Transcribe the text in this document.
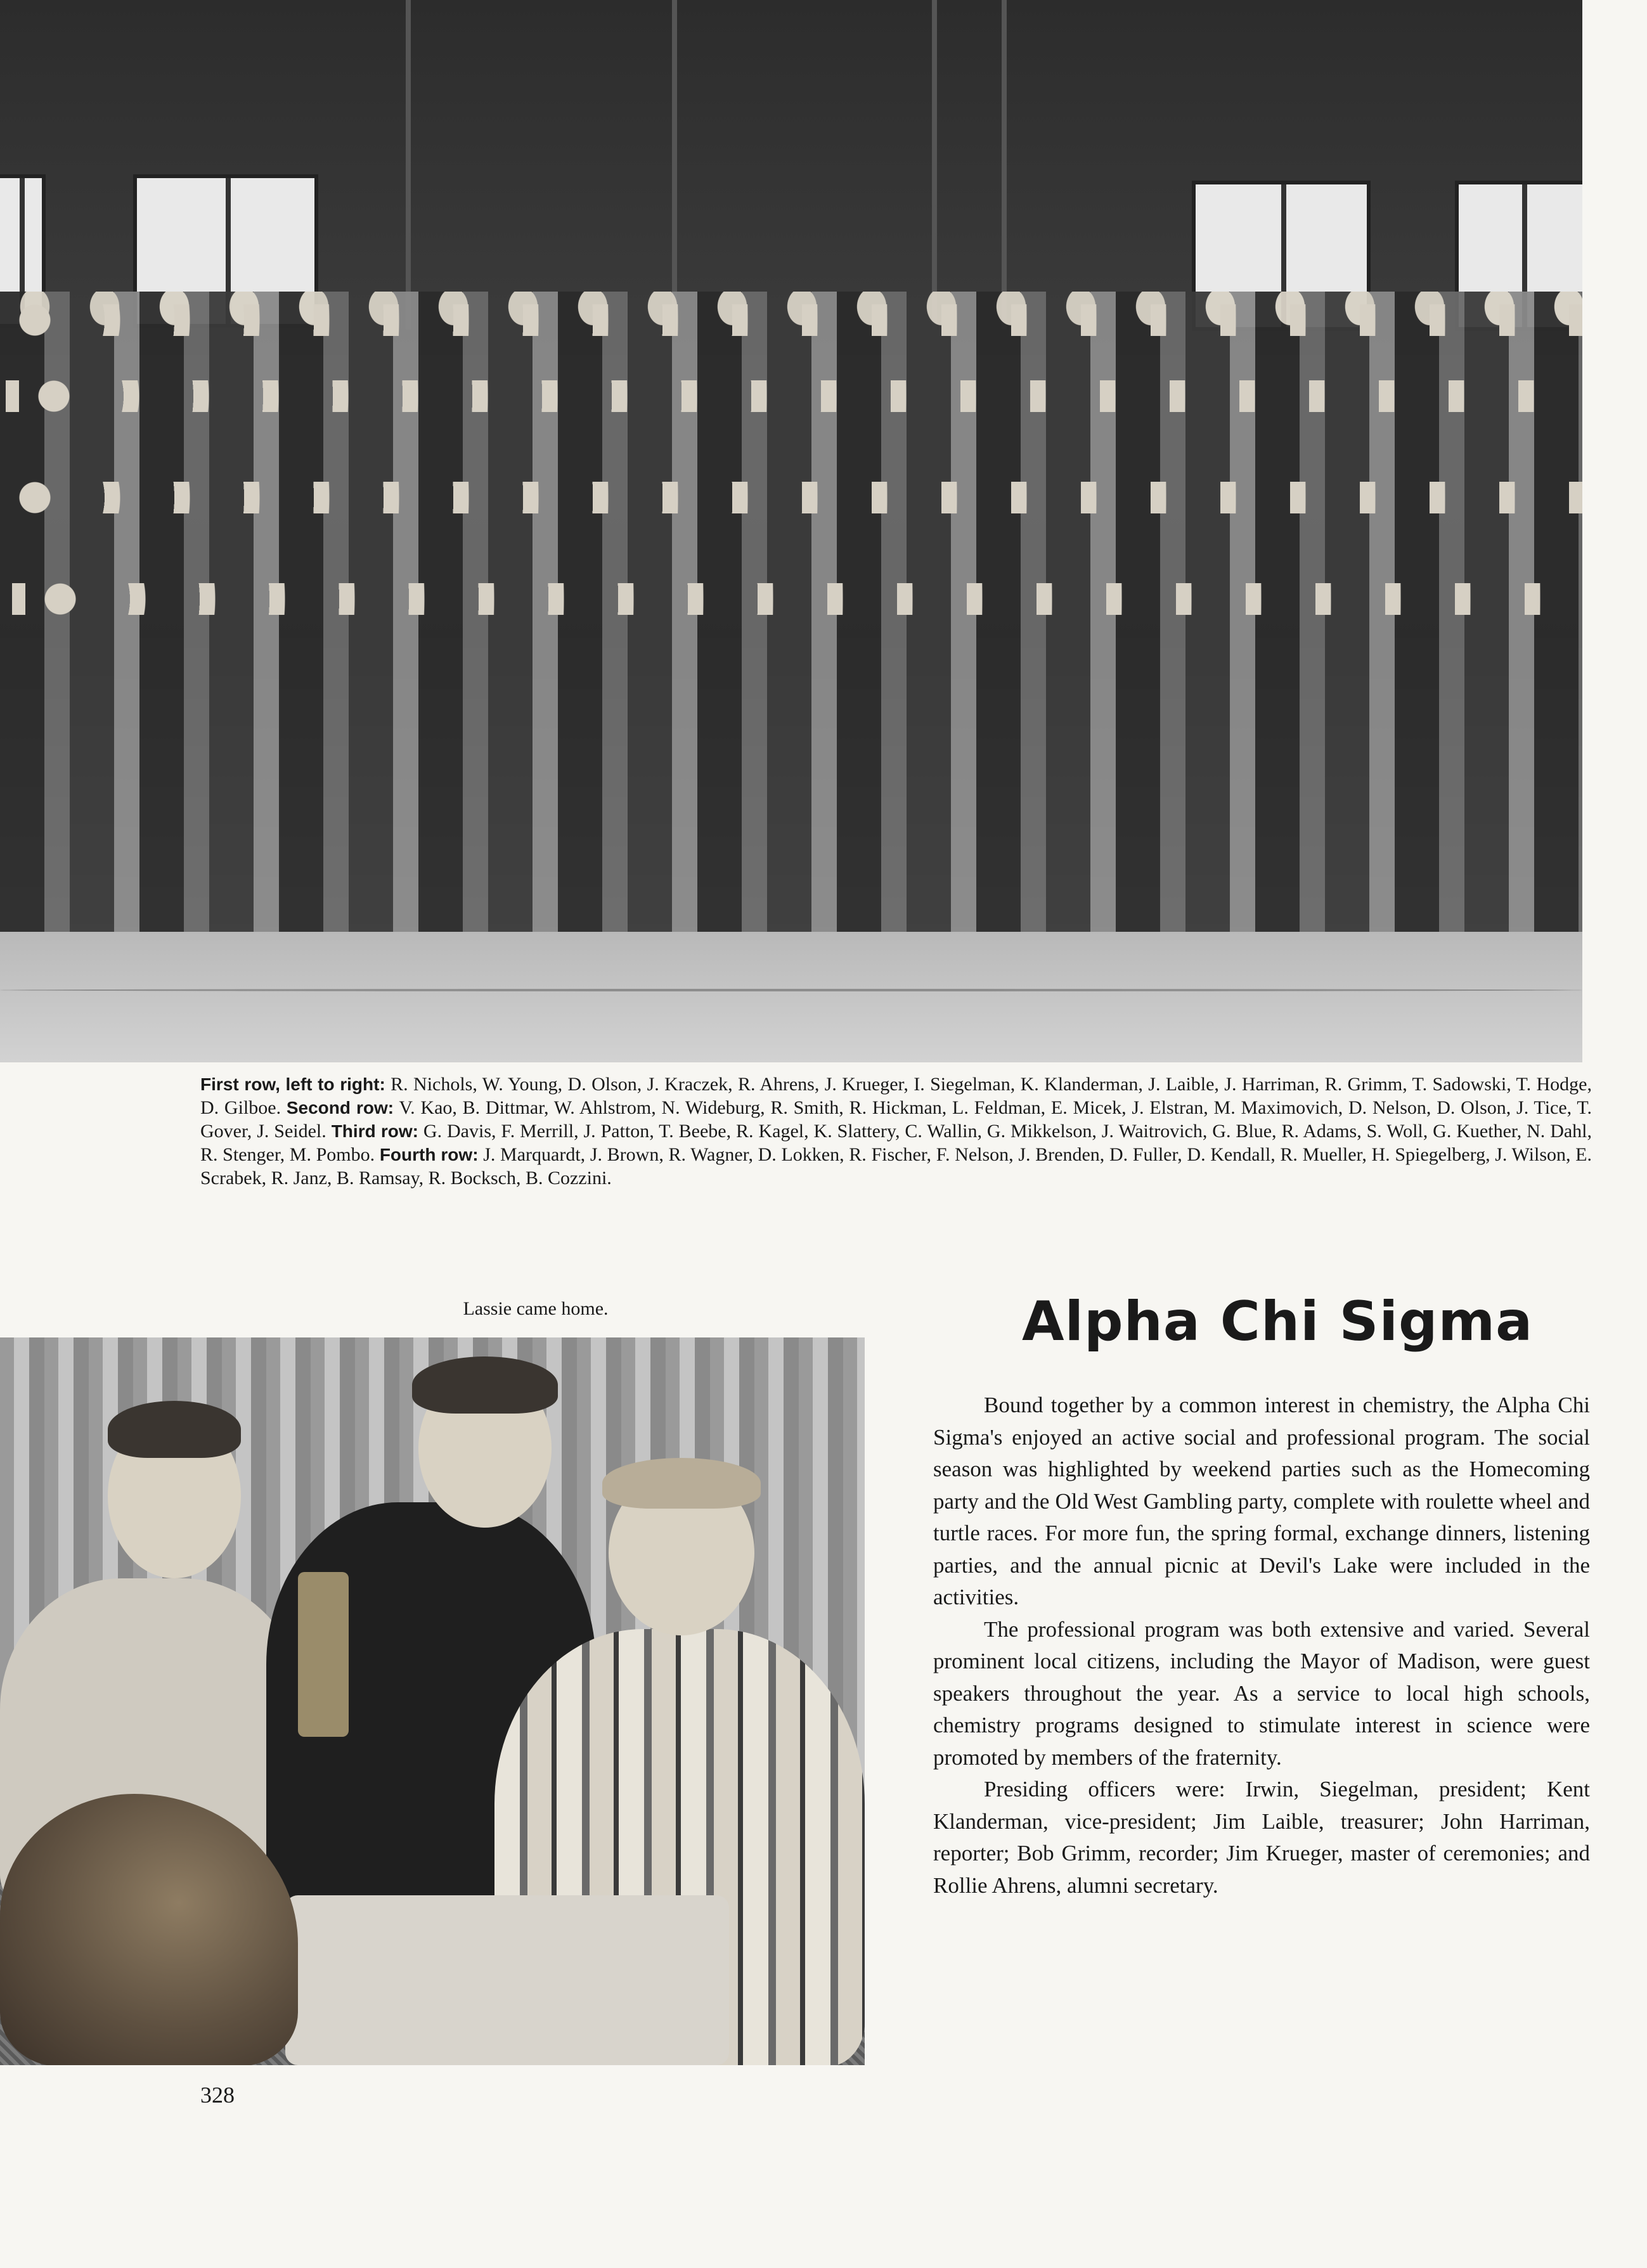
First row, left to right: R. Nichols, W. Young, D. Olson, J. Kraczek, R. Ahrens, J. Krueger, I. Siegelman, K. Klanderman, J. Laible, J. Harriman, R. Grimm, T. Sadowski, T. Hodge, D. Gilboe. Second row: V. Kao, B. Dittmar, W. Ahlstrom, N. Wideburg, R. Smith, R. Hickman, L. Feldman, E. Micek, J. Elstran, M. Maximovich, D. Nelson, D. Olson, J. Tice, T. Gover, J. Seidel. Third row: G. Davis, F. Merrill, J. Patton, T. Beebe, R. Kagel, K. Slattery, C. Wallin, G. Mikkelson, J. Waitrovich, G. Blue, R. Adams, S. Woll, G. Kuether, N. Dahl, R. Stenger, M. Pombo. Fourth row: J. Marquardt, J. Brown, R. Wagner, D. Lokken, R. Fischer, F. Nelson, J. Brenden, D. Fuller, D. Kendall, R. Mueller, H. Spiegelberg, J. Wilson, E. Scrabek, R. Janz, B. Ramsay, R. Bocksch, B. Cozzini.
Lassie came home.	Alpha Chi Sigma

Bound together by a common interest in chemistry, the Alpha Chi Sigma's enjoyed an active social and professional program. The social season was highlighted by weekend parties such as the Homecoming party and the Old West Gambling party, complete with roulette wheel and turtle races. For more fun, the spring formal, exchange dinners, listening parties, and the annual picnic at Devil's Lake were included in the activities.

The professional program was both extensive and varied. Several prominent local citizens, including the Mayor of Madison, were guest speakers throughout the year. As a service to local high schools, chemistry programs designed to stimulate interest in science were promoted by members of the fraternity.

Presiding officers were: Irwin, Siegelman, president; Kent Klanderman, vice-president; Jim Laible, treasurer; John Harriman, reporter; Bob Grimm, recorder; Jim Krueger, master of ceremonies; and Rollie Ahrens, alumni secretary.

328
